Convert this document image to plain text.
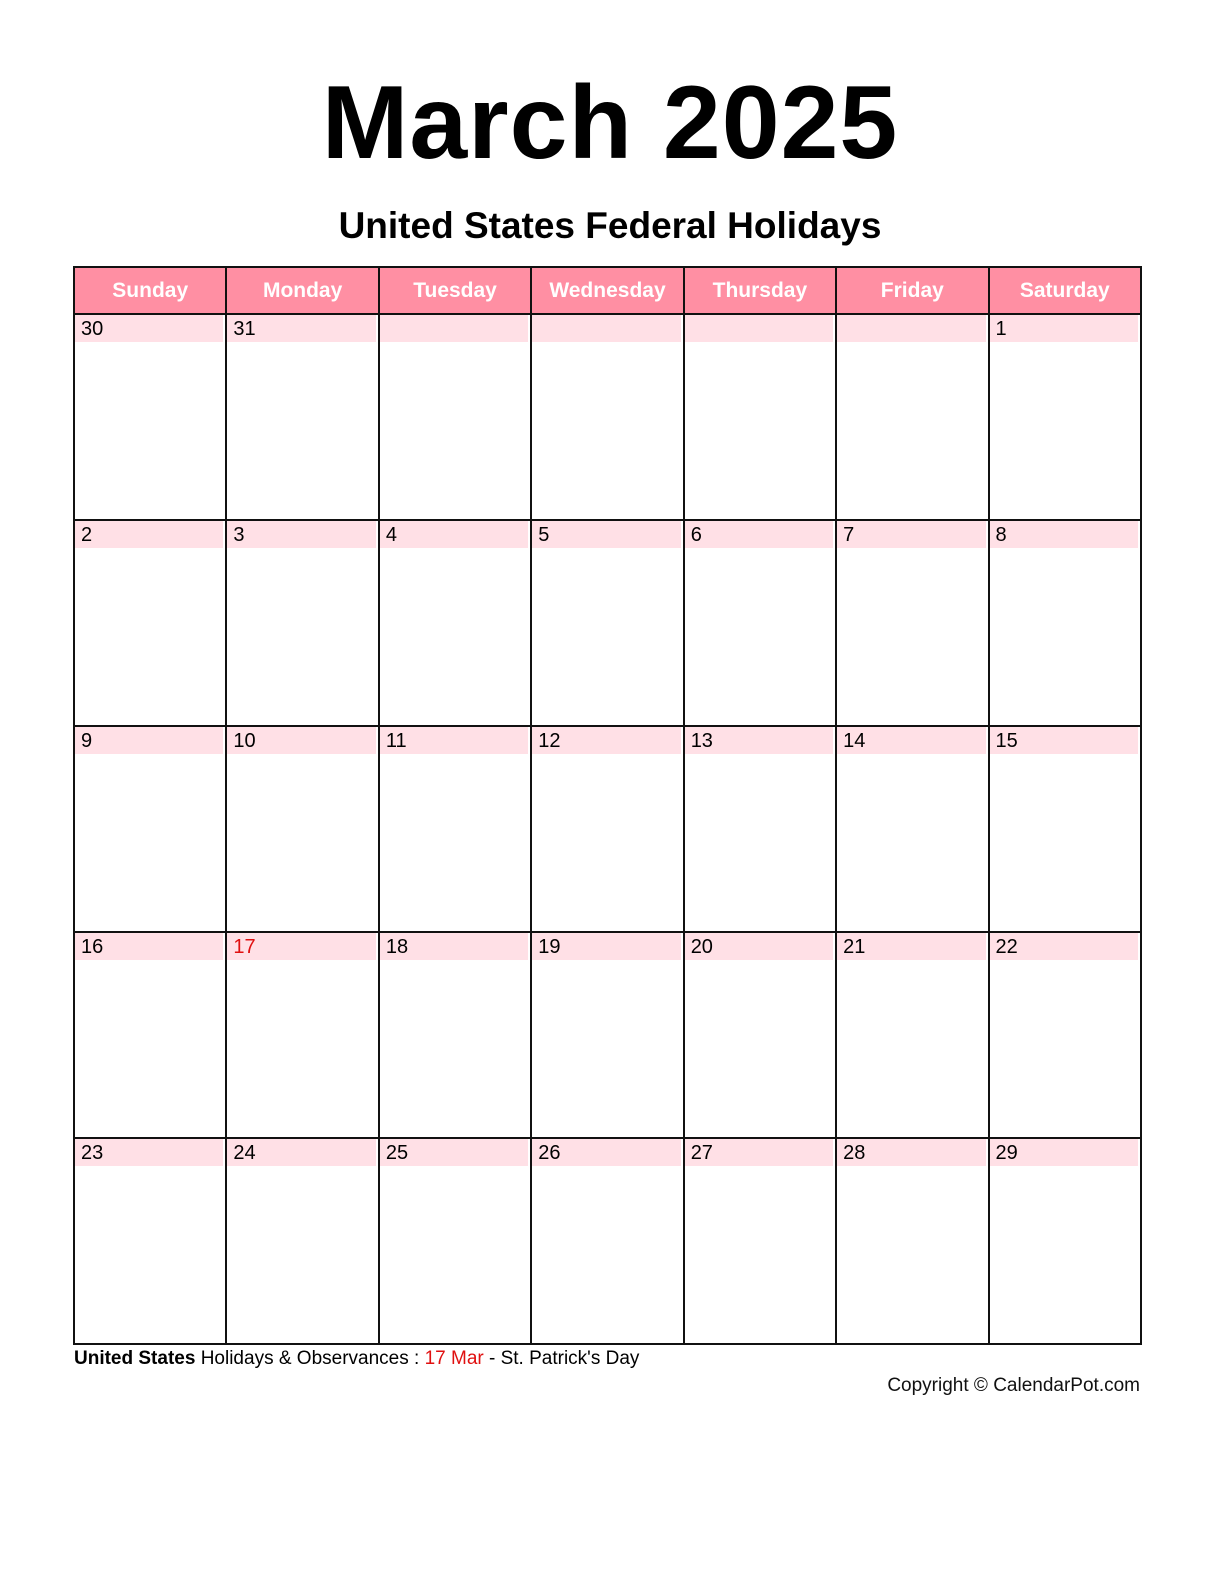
March 2025
United States Federal Holidays
Sunday	Monday	Tuesday	Wednesday	Thursday	Friday	Saturday

30	31					1

2	3	4	5	6	7	8

9	10	11	12	13	14	15

16	17	18	19	20	21	22

23	24	25	26	27	28	29
United States Holidays & Observances : 17 Mar - St. Patrick's Day
Copyright © CalendarPot.com
